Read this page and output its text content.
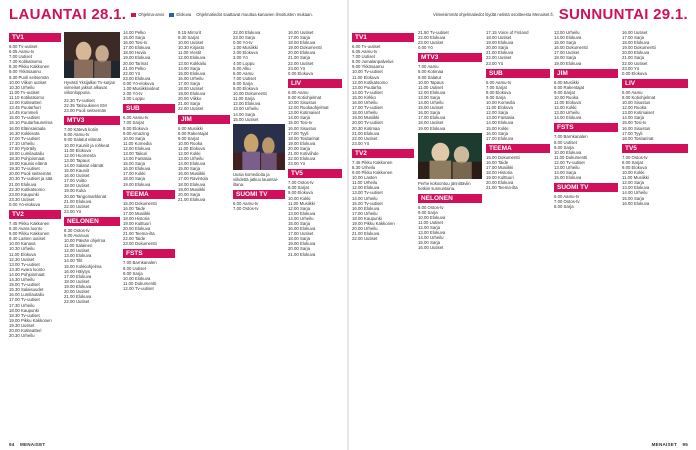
LAUANTAI 28.1.	Ohjelma-arvio	Elokuva Ohjelmatiedot saattavat muuttua kanavien ilmoitusten mukaan.
TV1
6.00 Tv-uutiset
6.05 Aamu-tv
7.00 Uutiset
7.30 Kotikatsomo
8.30 Pikku Kakkonen
9.00 Ykkösaamu
9.30 Puoli seitsemän
10.00 Viikon uutiset
10.30 Urheilu
11.00 Tv-uutiset
11.10 Kotikatsomo
12.00 Kotiteatteri
13.45 Puutarhuri
14.45 Kummeli
15.00 Tv-uutiset
15.10 Puutarhaunelma
16.00 Eläinsairaala
16.30 Kokkisota
17.00 Tv-uutiset
17.10 Urheilu
17.50 Pyöräily
18.00 Lumilautailu
18.30 Pohjoismaat
19.00 Kaunis elämä
19.30 Tv-uutiset
20.00 Puoli seitsemän
20.30 Tv-uutiset ja sää
21.00 Elokuva
22.30 Kotikatsomo
23.00 Kaupunki
23.30 Uutiset
0.00 Yö-elokuva
TV2
7.45 Pikku Kakkonen
8.30 Avara luonto
9.00 Pikku Kakkonen
9.40 Lasten uutiset
10.00 Kanava
10.30 Urheilu
11.00 Elokuva
12.30 Uutiset
13.00 Tv-uutiset
13.30 Avara luonto
14.00 Pohjoismaat
14.30 Urheilu
15.00 Tv-uutiset
15.30 Salaisuudet
16.00 Lumilautailu
17.00 Tv-uutiset
17.30 Urheilu
18.00 Kaupunki
18.30 Tv-uutiset
19.00 Pikku Kakkonen
19.30 Uutiset
20.00 Kotiteatteri
20.30 Urheilu
Hyvästi Yksijalka! Tv-sarjan viimeiset jaksot alkavat viikonloppuna.
22.30 Tv-uutiset
22.35 Tatiruukinen EM
23.00 Puoli seitsemän
MTV3
7.00 Kätevä kotiin
8.00 Aamu-tv
9.00 Salatut elämät
10.00 Kauniit ja rohkeat
11.00 Elokuva
12.00 Huomenta
13.00 Tapaus
14.00 Salatut elämät
15.00 Kauniit
16.00 Uutiset
17.00 Voitto
18.00 Uutiset
19.00 Kuka
20.00 Tangomarkkinat
21.00 Elokuva
22.00 Uutiset
23.00 Yö
NELONEN
8.30 Ostos-tv
9.00 Avaruus
10.00 Päivän ohjelma
11.00 Salainen
12.00 Uutiset
13.00 Elokuva
14.00 Tilit
15.00 Kokkiohjelma
16.00 Hälytys
17.00 Elokuva
18.00 Uutiset
19.00 Elokuva
20.00 Uutiset
21.00 Elokuva
22.00 Uutiset
14.00 Pelko
15.00 Sarja
16.00 Tosi-tv
17.00 Elokuva
18.00 Huvia
19.00 Elokuva
20.00 Tarinat
21.00 Pelko
22.00 Yö
23.00 Elokuva
0.00 Yö-elokuva
1.00 Musiikkivideot
2.00 Yö-tv
3.00 Loppu
SUB
6.00 Aamu-tv
7.00 Sarjat
8.00 Elokuva
9.00 Amazing
10.00 Sarja
11.00 Komedia
12.00 Elokuva
13.00 Taikuri
14.00 Fantasia
15.00 Sarja
16.00 Elokuva
17.00 Kokki
18.00 Sarja
19.00 Elokuva
TEEMA
15.00 Dokumentti
16.00 Taide
17.00 Musiikki
18.00 Historia
19.00 Kulttuuri
20.00 Elokuva
21.00 Teema-ilta
22.00 Taide
23.00 Dokumentti
FSTS
7.00 Barnkanalen
8.00 Uutiset
9.00 Sarja
10.00 Elokuva
11.00 Dokumentti
12.00 Tv-uutiset
9.15 Mirrorit
9.30 Sarjat
10.00 Uutiset
10.30 Kirjasto
11.00 Viestit
12.00 Elokuva
13.00 Kokkailu
14.00 Sarja
15.00 Elokuva
16.00 Urheilu
17.00 Sarja
18.00 Uutiset
19.00 Elokuva
20.00 Viikko
21.00 Sarja
22.00 Uutiset
JIM
6.00 Musiikki
8.00 Rakentajat
9.00 Sarjat
10.00 Ruoka
11.00 Elokuva
12.00 Kokki
13.00 Urheilu
14.00 Elokuva
15.00 Sarja
16.00 Musiikki
17.00 Ravintola
18.00 Elokuva
19.00 Musiikki
20.00 Sarja
21.00 Elokuva
22.00 Elokuva
23.00 Sarja
0.00 Yö-tv
1.00 Musiikki
2.00 Elokuva
3.00 Yö
4.00 Loppu
5.00 Alku
6.00 Aamu
7.00 Uutiset
8.00 Sarja
9.00 Elokuva
10.00 Dokumentti
11.00 Sarja
12.00 Elokuva
13.00 Urheilu
14.00 Sarja
15.00 Uutiset
Uusia komedioita ja viihdettä jatkuu lauantai-iltana.
SUOMI TV
6.00 Aamu-tv
7.00 Ostos-tv
16.00 Uutiset
17.00 Sarja
18.00 Elokuva
19.00 Dokumentti
20.00 Elokuva
21.00 Sarja
22.00 Uutiset
23.00 Yö
0.00 Elokuva
LIV
6.00 Aamu
8.00 Kotiohjelmat
10.00 Sisustus
12.00 Ruokaohjelmat
13.00 Kotimaiset
14.00 Sarja
15.00 Tosi-tv
16.00 Sisustus
17.00 Tyyli
18.00 Tositarinat
19.00 Elokuva
20.00 Sarja
21.00 Kotiviihde
22.00 Elokuva
23.00 Yö
TV5
7.00 Ostos-tv
8.00 Sarjat
9.00 Elokuva
10.00 Kokki
11.00 Musiikki
12.00 Sarja
13.00 Elokuva
14.00 Urheilu
15.00 Sarja
16.00 Elokuva
17.00 Uutiset
18.00 Sarja
19.00 Elokuva
20.00 Sarja
21.00 Elokuva
94 MENAISET
Viimeisimmät ohjelmatiedot löydät netistä osoitteesta Menaiset.fi. SUNNUNTAI 29.1.
TV1
6.00 Tv-uutiset
6.05 Aamu-tv
7.00 Uutiset
8.00 Jumalanpalvelus
9.00 Ykkösaamu
10.00 Tv-uutiset
11.00 Elokuva
12.00 Kotikatsomo
13.00 Puutarha
14.00 Tv-uutiset
15.00 Kirkko
16.00 Urheilu
17.00 Tv-uutiset
18.00 Urheilu
19.00 Musiikki
20.00 Tv-uutiset
20.30 Kotimaa
21.00 Elokuva
22.00 Uutiset
23.00 Yö
TV2
7.45 Pikku Kakkonen
8.30 Urheilu
9.00 Pikku Kakkonen
10.00 Lasten
11.00 Urheilu
12.00 Elokuva
13.00 Tv-uutiset
14.00 Urheilu
15.00 Tv-uutiset
16.00 Elokuva
17.00 Urheilu
18.00 Kaupunki
19.00 Pikku Kakkonen
20.00 Urheilu
21.00 Elokuva
22.00 Uutiset
21.50 Tv-uutiset
22.00 Elokuva
23.00 Uutiset
0.00 Yö
MTV3
7.00 Aamu
8.00 Kotimaa
9.00 Salatut
10.00 Tapaus
11.00 Uutiset
12.00 Elokuva
13.00 Sarja
14.00 Urheilu
15.00 Uutiset
16.00 Sarja
17.00 Elokuva
18.00 Uutiset
19.00 Elokuva
Perhe kokoontuu jännittäviin hetkiin sunnuntaina.
NELONEN
8.00 Ostos-tv
9.00 Sarja
10.00 Elokuva
11.00 Uutiset
12.00 Sarja
13.00 Elokuva
14.00 Urheilu
15.00 Sarja
16.00 Uutiset
17.15 Voice of Finland
18.00 Uutiset
19.00 Elokuva
20.00 Sarja
21.00 Elokuva
22.00 Uutiset
23.00 Yö
SUB
6.00 Aamu-tv
7.00 Sarjat
8.00 Elokuva
9.00 Sarja
10.00 Komedia
11.00 Elokuva
12.00 Sarja
13.00 Fantasia
14.00 Elokuva
15.00 Kokki
16.00 Sarja
17.00 Elokuva
TEEMA
15.00 Dokumentti
16.00 Taide
17.00 Musiikki
18.00 Historia
19.00 Kulttuuri
20.00 Elokuva
21.00 Teema-ilta
13.00 Urheilu
14.00 Elokuva
15.00 Sarja
16.00 Dokumentti
17.00 Uutiset
18.00 Sarja
19.00 Elokuva
JIM
6.00 Musiikki
8.00 Rakentajat
9.00 Sarjat
10.00 Ruoka
11.00 Elokuva
12.00 Kokki
13.00 Urheilu
14.00 Elokuva
FSTS
7.00 Barnkanalen
8.00 Uutiset
9.00 Sarja
10.00 Elokuva
11.00 Dokumentti
12.00 Tv-uutiset
13.00 Urheilu
14.00 Sarja
15.00 Elokuva
SUOMI TV
6.00 Aamu-tv
7.00 Ostos-tv
8.00 Sarja
16.00 Uutiset
17.00 Sarja
18.00 Elokuva
19.00 Dokumentti
20.00 Elokuva
21.00 Sarja
22.00 Uutiset
23.00 Yö
0.00 Elokuva
LIV
6.00 Aamu
8.00 Kotiohjelmat
10.00 Sisustus
12.00 Ruoka
13.00 Kotimaiset
14.00 Sarja
15.00 Tosi-tv
16.00 Sisustus
17.00 Tyyli
18.00 Tositarinat
TV5
7.00 Ostos-tv
8.00 Sarjat
9.00 Elokuva
10.00 Kokki
11.00 Musiikki
12.00 Sarja
13.00 Elokuva
14.00 Urheilu
15.00 Sarja
16.00 Elokuva
MENAISET 95
